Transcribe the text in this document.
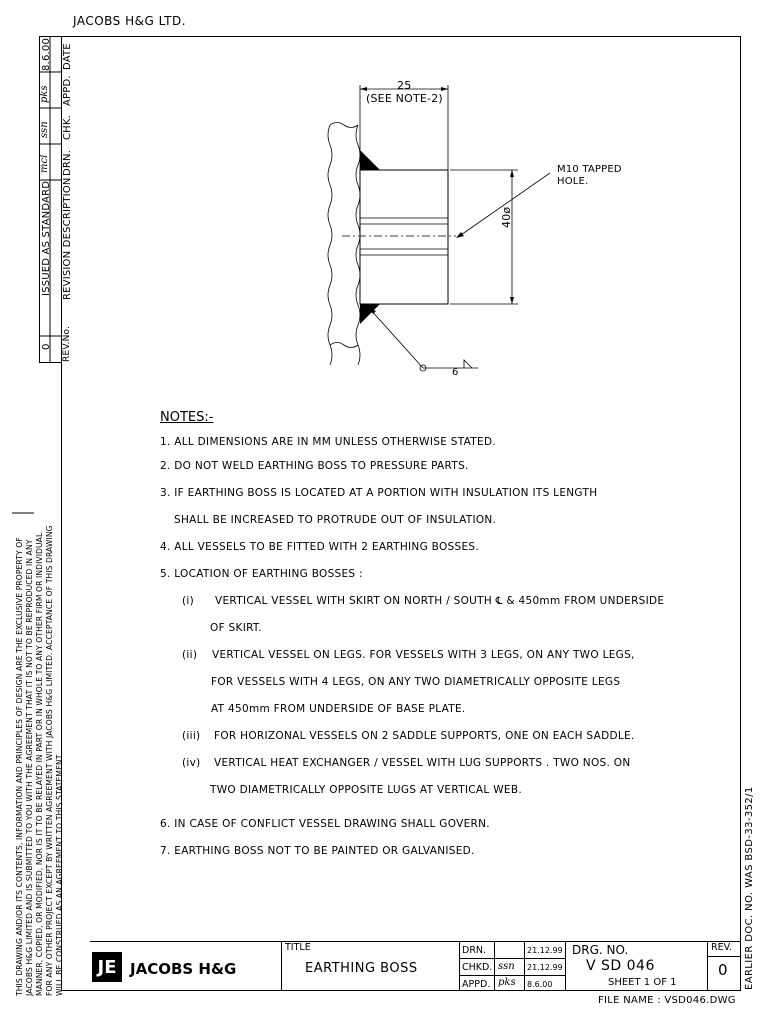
JACOBS H&G LTD.
DATE
APPD.
CHK.
DRN.
REVISION DESCRIPTION
REV.No.
8.6.00
pks
ssn
mcl
ISSUED AS STANDARD
0
25
(SEE NOTE-2)
40ø
M10 TAPPED
HOLE.
6
NOTES:-
1. ALL DIMENSIONS ARE IN MM UNLESS OTHERWISE STATED.
2. DO NOT WELD EARTHING BOSS TO PRESSURE PARTS.
3. IF EARTHING BOSS IS LOCATED AT A PORTION WITH INSULATION ITS LENGTH
SHALL BE INCREASED TO PROTRUDE OUT OF INSULATION.
4. ALL VESSELS TO BE FITTED WITH 2 EARTHING BOSSES.
5. LOCATION OF EARTHING BOSSES :
(i) VERTICAL VESSEL WITH SKIRT ON NORTH / SOUTH ℄ & 450mm FROM UNDERSIDE
OF SKIRT.
(ii) VERTICAL VESSEL ON LEGS. FOR VESSELS WITH 3 LEGS, ON ANY TWO LEGS,
FOR VESSELS WITH 4 LEGS, ON ANY TWO DIAMETRICALLY OPPOSITE LEGS
AT 450mm FROM UNDERSIDE OF BASE PLATE.
(iii) FOR HORIZONAL VESSELS ON 2 SADDLE SUPPORTS, ONE ON EACH SADDLE.
(iv) VERTICAL HEAT EXCHANGER / VESSEL WITH LUG SUPPORTS . TWO NOS. ON
TWO DIAMETRICALLY OPPOSITE LUGS AT VERTICAL WEB.
6. IN CASE OF CONFLICT VESSEL DRAWING SHALL GOVERN.
7. EARTHING BOSS NOT TO BE PAINTED OR GALVANISED.
THIS DRAWING AND/OR ITS CONTENTS, INFORMATION AND PRINCIPLES OF DESIGN ARE THE EXCLUSIVE PROPERTY OF JACOBS H&G LIMITED AND IS SUBMITTED TO YOU WITH THE AGREEMENT THAT IT IS NOT TO BE REPRODUCED IN ANY MANNER, COPIED, OR MODIFIED, NOR IS IT TO BE RELAYED IN PART OR IN WHOLE TO ANY OTHER FIRM OR INDIVIDUAL FOR ANY OTHER PROJECT EXCEPT BY WRITTEN AGREEMENT WITH JACOBS H&G LIMITED. ACCEPTANCE OF THIS DRAWING WILL BE CONSTRUED AS AN AGREEMENT TO THIS STATEMENT.	EARLIER DOC. NO. WAS BSD-33-352/1
JE JACOBS H&G
TITLE
EARTHING BOSS
DRN.	21.12.99
CHKD. ssn 21.12.99
APPD. pks 8.6.00
DRG. NO.
V SD 046
SHEET 1 OF 1
REV.
0
FILE NAME : VSD046.DWG
